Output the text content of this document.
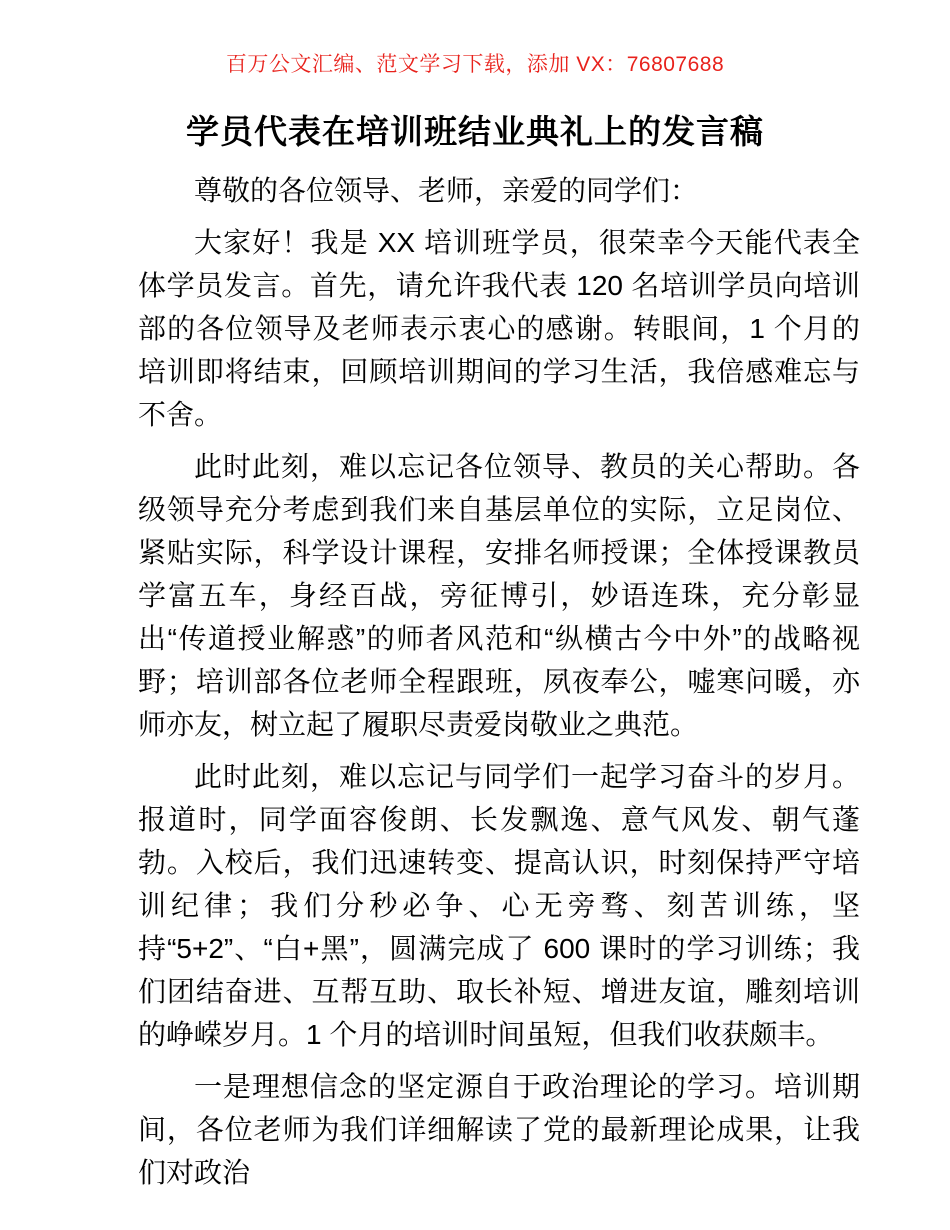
百万公文汇编、范文学习下载，添加 VX：76807688
学员代表在培训班结业典礼上的发言稿

尊敬的各位领导、老师，亲爱的同学们：

大家好！我是 XX 培训班学员，很荣幸今天能代表全体学员发言。首先，请允许我代表 120 名培训学员向培训部的各位领导及老师表示衷心的感谢。转眼间，1 个月的培训即将结束，回顾培训期间的学习生活，我倍感难忘与不舍。

此时此刻，难以忘记各位领导、教员的关心帮助。各级领导充分考虑到我们来自基层单位的实际，立足岗位、紧贴实际，科学设计课程，安排名师授课；全体授课教员学富五车，身经百战，旁征博引，妙语连珠，充分彰显出“传道授业解惑”的师者风范和“纵横古今中外”的战略视野；培训部各位老师全程跟班，夙夜奉公，嘘寒问暖，亦师亦友，树立起了履职尽责爱岗敬业之典范。

此时此刻，难以忘记与同学们一起学习奋斗的岁月。报道时，同学面容俊朗、长发飘逸、意气风发、朝气蓬勃。入校后，我们迅速转变、提高认识，时刻保持严守培训纪律；我们分秒必争、心无旁骛、刻苦训练，坚持“5+2”、“白+黑”，圆满完成了 600 课时的学习训练；我们团结奋进、互帮互助、取长补短、增进友谊，雕刻培训的峥嵘岁月。1 个月的培训时间虽短，但我们收获颇丰。

一是理想信念的坚定源自于政治理论的学习。培训期间，各位老师为我们详细解读了党的最新理论成果，让我们对政治
